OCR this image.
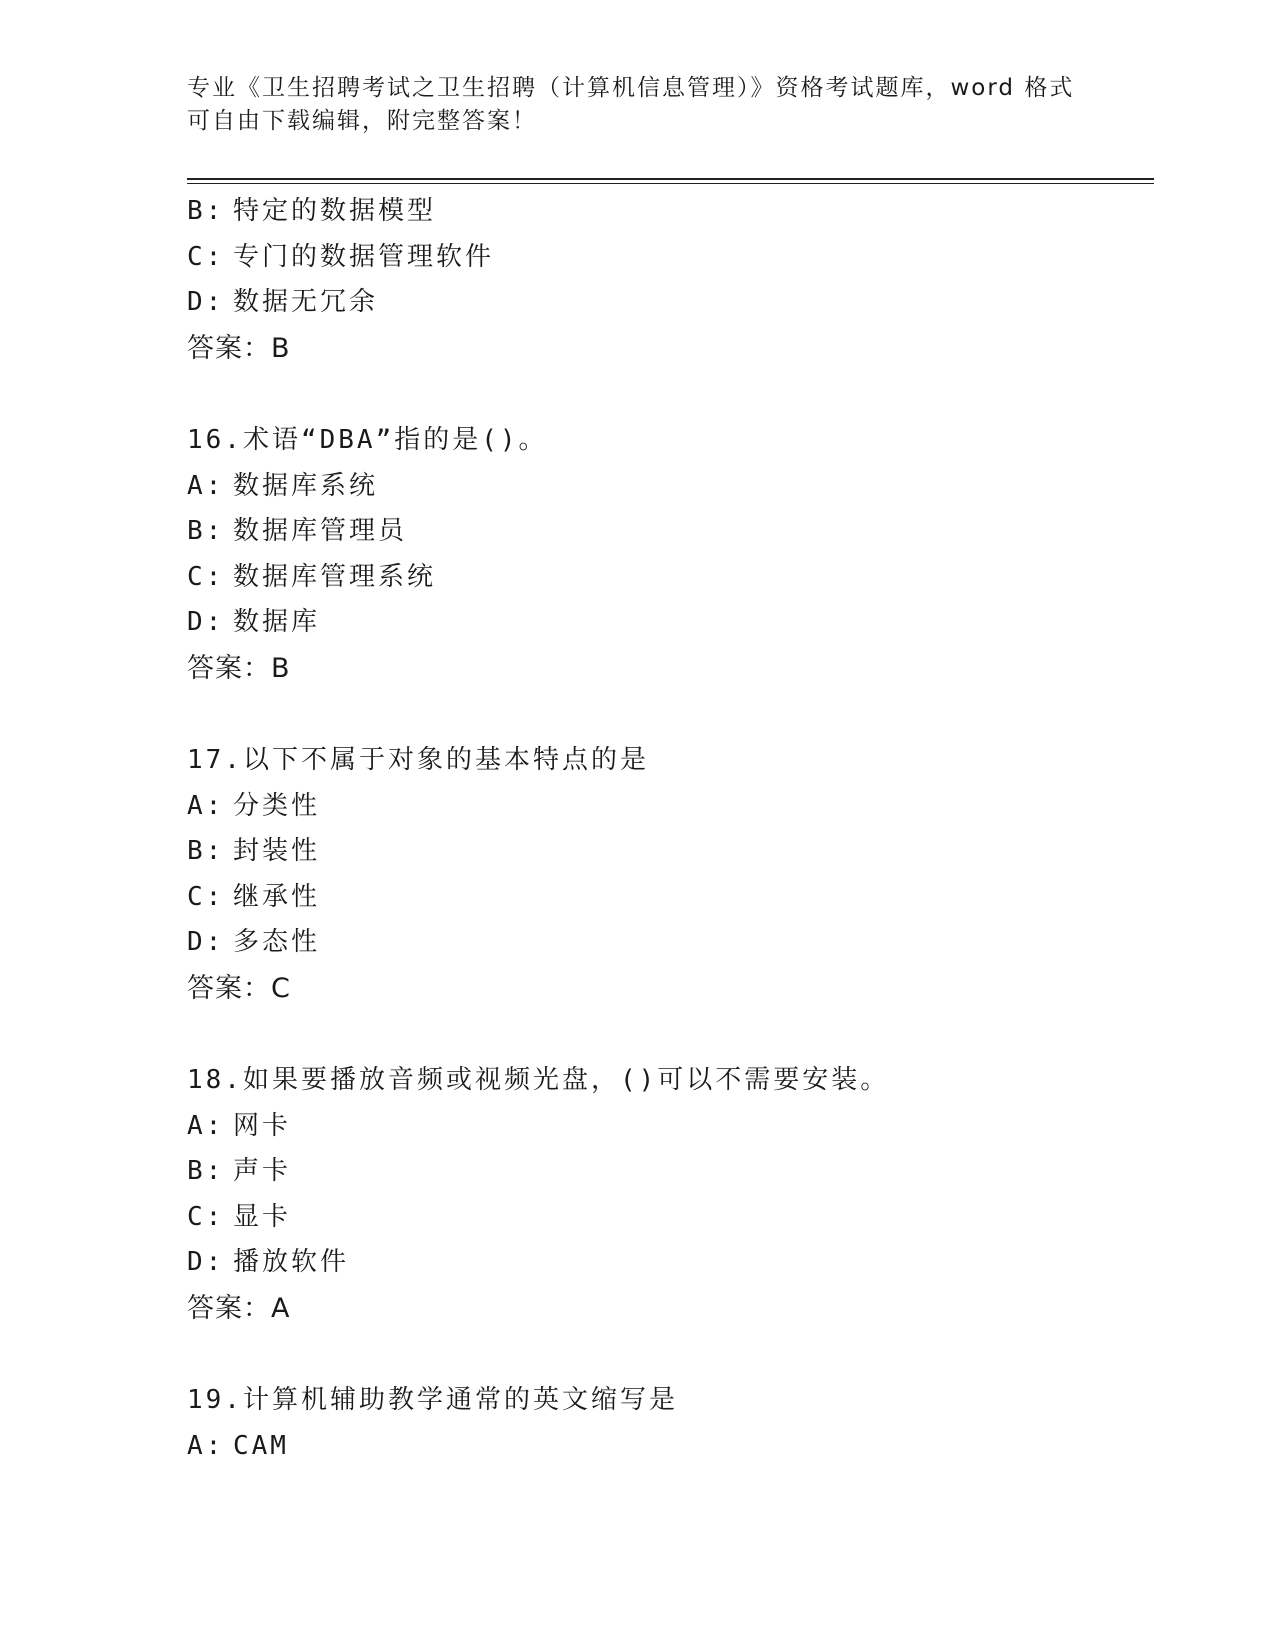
专业《卫生招聘考试之卫生招聘（计算机信息管理）》资格考试题库，word 格式
可自由下载编辑，附完整答案！
B: 特定的数据模型
C: 专门的数据管理软件
D: 数据无冗余
答案：B
16.术语“DBA”指的是()。
A: 数据库系统
B: 数据库管理员
C: 数据库管理系统
D: 数据库
答案：B
17.以下不属于对象的基本特点的是
A: 分类性
B: 封装性
C: 继承性
D: 多态性
答案：C
18.如果要播放音频或视频光盘，()可以不需要安装。
A: 网卡
B: 声卡
C: 显卡
D: 播放软件
答案：A
19.计算机辅助教学通常的英文缩写是
A: CAM
